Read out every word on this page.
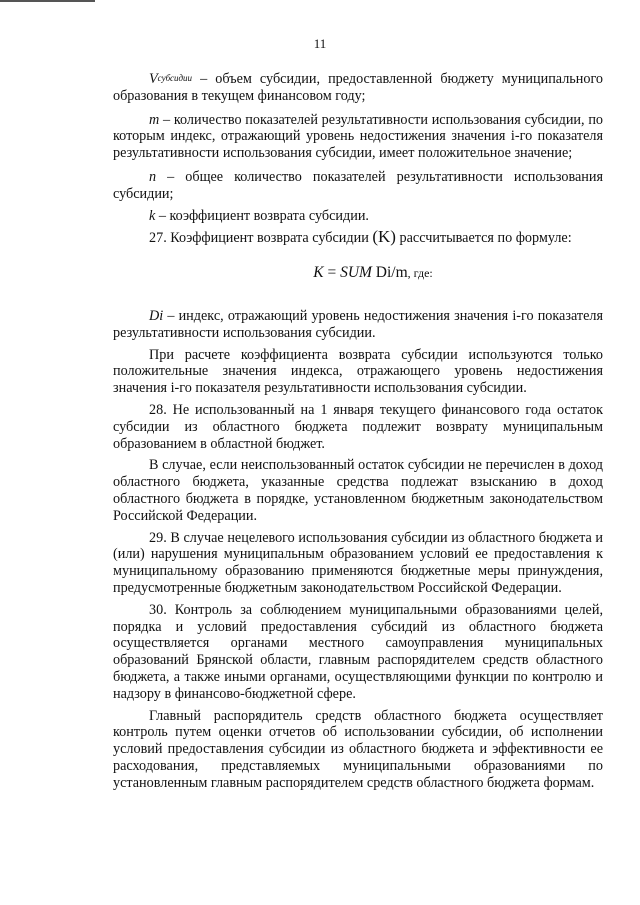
11

$V^{субсидии}$ – объем субсидии, предоставленной бюджету муниципального образования в текущем финансовом году;

m – количество показателей результативности использования субсидии, по которым индекс, отражающий уровень недостижения значения i-го показателя результативности использования субсидии, имеет положительное значение;

n – общее количество показателей результативности использования субсидии;

k – коэффициент возврата субсидии.

27. Коэффициент возврата субсидии (K) рассчитывается по формуле:

K = SUM Di/m, где:

Di – индекс, отражающий уровень недостижения значения i-го показателя результативности использования субсидии.

При расчете коэффициента возврата субсидии используются только положительные значения индекса, отражающего уровень недостижения значения i-го показателя результативности использования субсидии.

28. Не использованный на 1 января текущего финансового года остаток субсидии из областного бюджета подлежит возврату муниципальным образованием в областной бюджет.

В случае, если неиспользованный остаток субсидии не перечислен в доход областного бюджета, указанные средства подлежат взысканию в доход областного бюджета в порядке, установленном бюджетным законодательством Российской Федерации.

29. В случае нецелевого использования субсидии из областного бюджета и (или) нарушения муниципальным образованием условий ее предоставления к муниципальному образованию применяются бюджетные меры принуждения, предусмотренные бюджетным законодательством Российской Федерации.

30. Контроль за соблюдением муниципальными образованиями целей, порядка и условий предоставления субсидий из областного бюджета осуществляется органами местного самоуправления муниципальных образований Брянской области, главным распорядителем средств областного бюджета, а также иными органами, осуществляющими функции по контролю и надзору в финансово-бюджетной сфере.

Главный распорядитель средств областного бюджета осуществляет контроль путем оценки отчетов об использовании субсидии, об исполнении условий предоставления субсидии из областного бюджета и эффективности ее расходования, представляемых муниципальными образованиями по установленным главным распорядителем средств областного бюджета формам.
